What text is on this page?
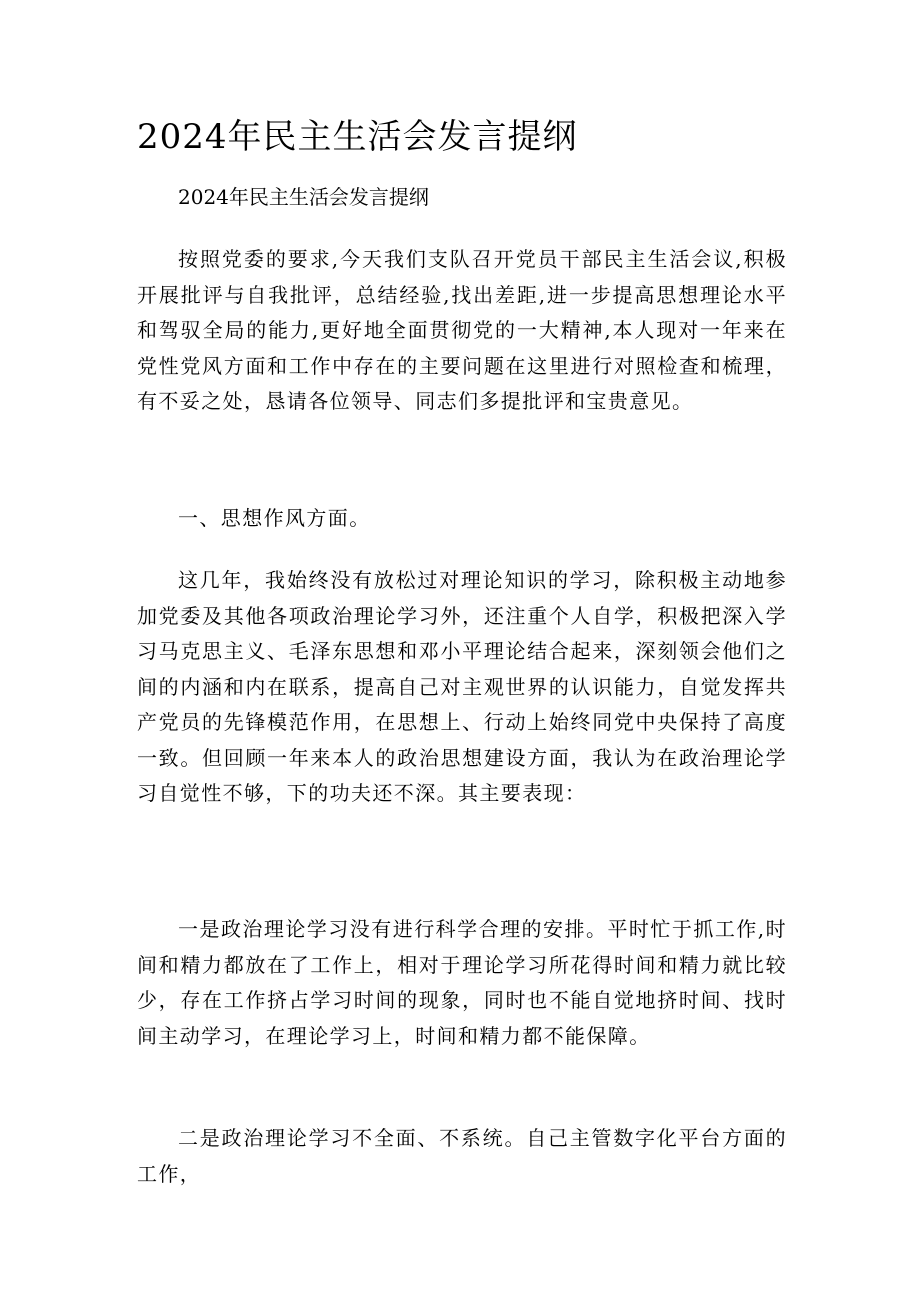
2024年民主生活会发言提纲
2024年民主生活会发言提纲

按照党委的要求,今天我们支队召开党员干部民主生活会议,积极开展批评与自我批评，总结经验,找出差距,进一步提高思想理论水平和驾驭全局的能力,更好地全面贯彻党的一大精神,本人现对一年来在党性党风方面和工作中存在的主要问题在这里进行对照检查和梳理，有不妥之处，恳请各位领导、同志们多提批评和宝贵意见。

一、思想作风方面。

这几年，我始终没有放松过对理论知识的学习，除积极主动地参加党委及其他各项政治理论学习外，还注重个人自学，积极把深入学习马克思主义、毛泽东思想和邓小平理论结合起来，深刻领会他们之间的内涵和内在联系，提高自己对主观世界的认识能力，自觉发挥共产党员的先锋模范作用，在思想上、行动上始终同党中央保持了高度一致。但回顾一年来本人的政治思想建设方面，我认为在政治理论学习自觉性不够，下的功夫还不深。其主要表现：

一是政治理论学习没有进行科学合理的安排。平时忙于抓工作,时间和精力都放在了工作上，相对于理论学习所花得时间和精力就比较少，存在工作挤占学习时间的现象，同时也不能自觉地挤时间、找时间主动学习，在理论学习上，时间和精力都不能保障。

二是政治理论学习不全面、不系统。自己主管数字化平台方面的工作，
